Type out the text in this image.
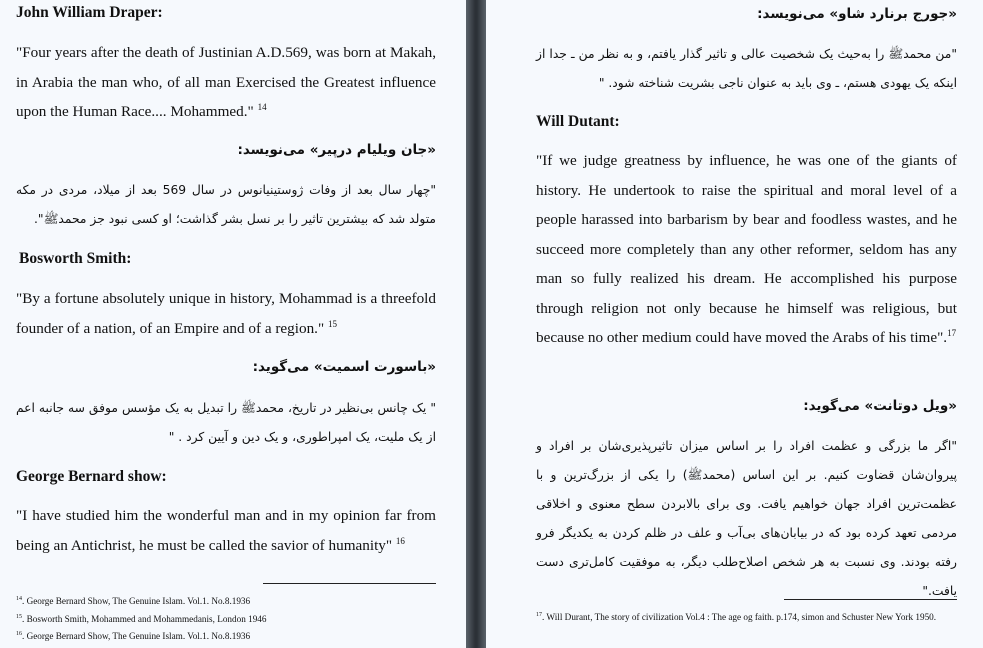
John William Draper:
"Four years after the death of Justinian A.D.569, was born at Makah, in Arabia the man who, of all man Exercised the Greatest influence upon the Human Race.... Mohammed." $^{14}$
«جان ویلیام درپیر» می‌نویسد:
"چهار سال بعد از وفات ژوستینیانوس در سال 569 بعد از میلاد، مردی در مکه متولد شد که بیشترین تاثیر را بر نسل بشر گذاشت؛ او کسی نبود جز محمدﷺ".
Bosworth Smith:
"By a fortune absolutely unique in history, Mohammad is a threefold founder of a nation, of an Empire and of a region." $^{15}$
«باسورت اسمیت» می‌گوید:
" یک چانس بی‌نظیر در تاریخ، محمدﷺ را تبدیل به یک مؤسس موفق سه جانبه اعم از یک ملیت، یک امپراطوری، و یک دین و آیین کرد . "
George Bernard show:
"I have studied him the wonderful man and in my opinion far from being an Antichrist, he must be called the savior of humanity" $^{16}$
$^{14}$. George Bernard Show, The Genuine Islam. Vol.1. No.8.1936
$^{15}$. Bosworth Smith, Mohammed and Mohammedanis, London 1946
$^{16}$. George Bernard Show, The Genuine Islam. Vol.1. No.8.1936
«جورج برنارد شاو» می‌نویسد:
"من محمدﷺ را به‌حیث یک شخصیت عالی و تاثیر گذار یافتم، و به نظر من ـ جدا از اینکه یک یهودی هستم، ـ وی باید به عنوان ناجی بشریت شناخته شود. "
Will Dutant:
"If we judge greatness by influence, he was one of the giants of history. He undertook to raise the spiritual and moral level of a people harassed into barbarism by bear and foodless wastes, and he succeed more completely than any other reformer, seldom has any man so fully realized his dream. He accomplished his purpose through religion not only because he himself was religious, but because no other medium could have moved the Arabs of his time".$^{17}$
«ویل دوتانت» می‌گوید:
"اگر ما بزرگی و عظمت افراد را بر اساس میزان تاثیرپذیری‌شان بر افراد و پیروان‌شان قضاوت کنیم. بر این اساس (محمدﷺ) را یکی از بزرگ‌ترین و با عظمت‌ترین افراد جهان خواهیم یافت. وی برای بالابردن سطح معنوی و اخلاقی مردمی تعهد کرده بود که در بیابان‌های بی‌آب و علف در ظلم کردن به یکدیگر فرو رفته بودند. وی نسبت به هر شخص اصلاح‌طلب دیگر، به موفقیت کامل‌تری دست یافت."
$^{17}$. Will Durant, The story of civilization Vol.4 : The age og faith. p.174, simon and Schuster New York 1950.
